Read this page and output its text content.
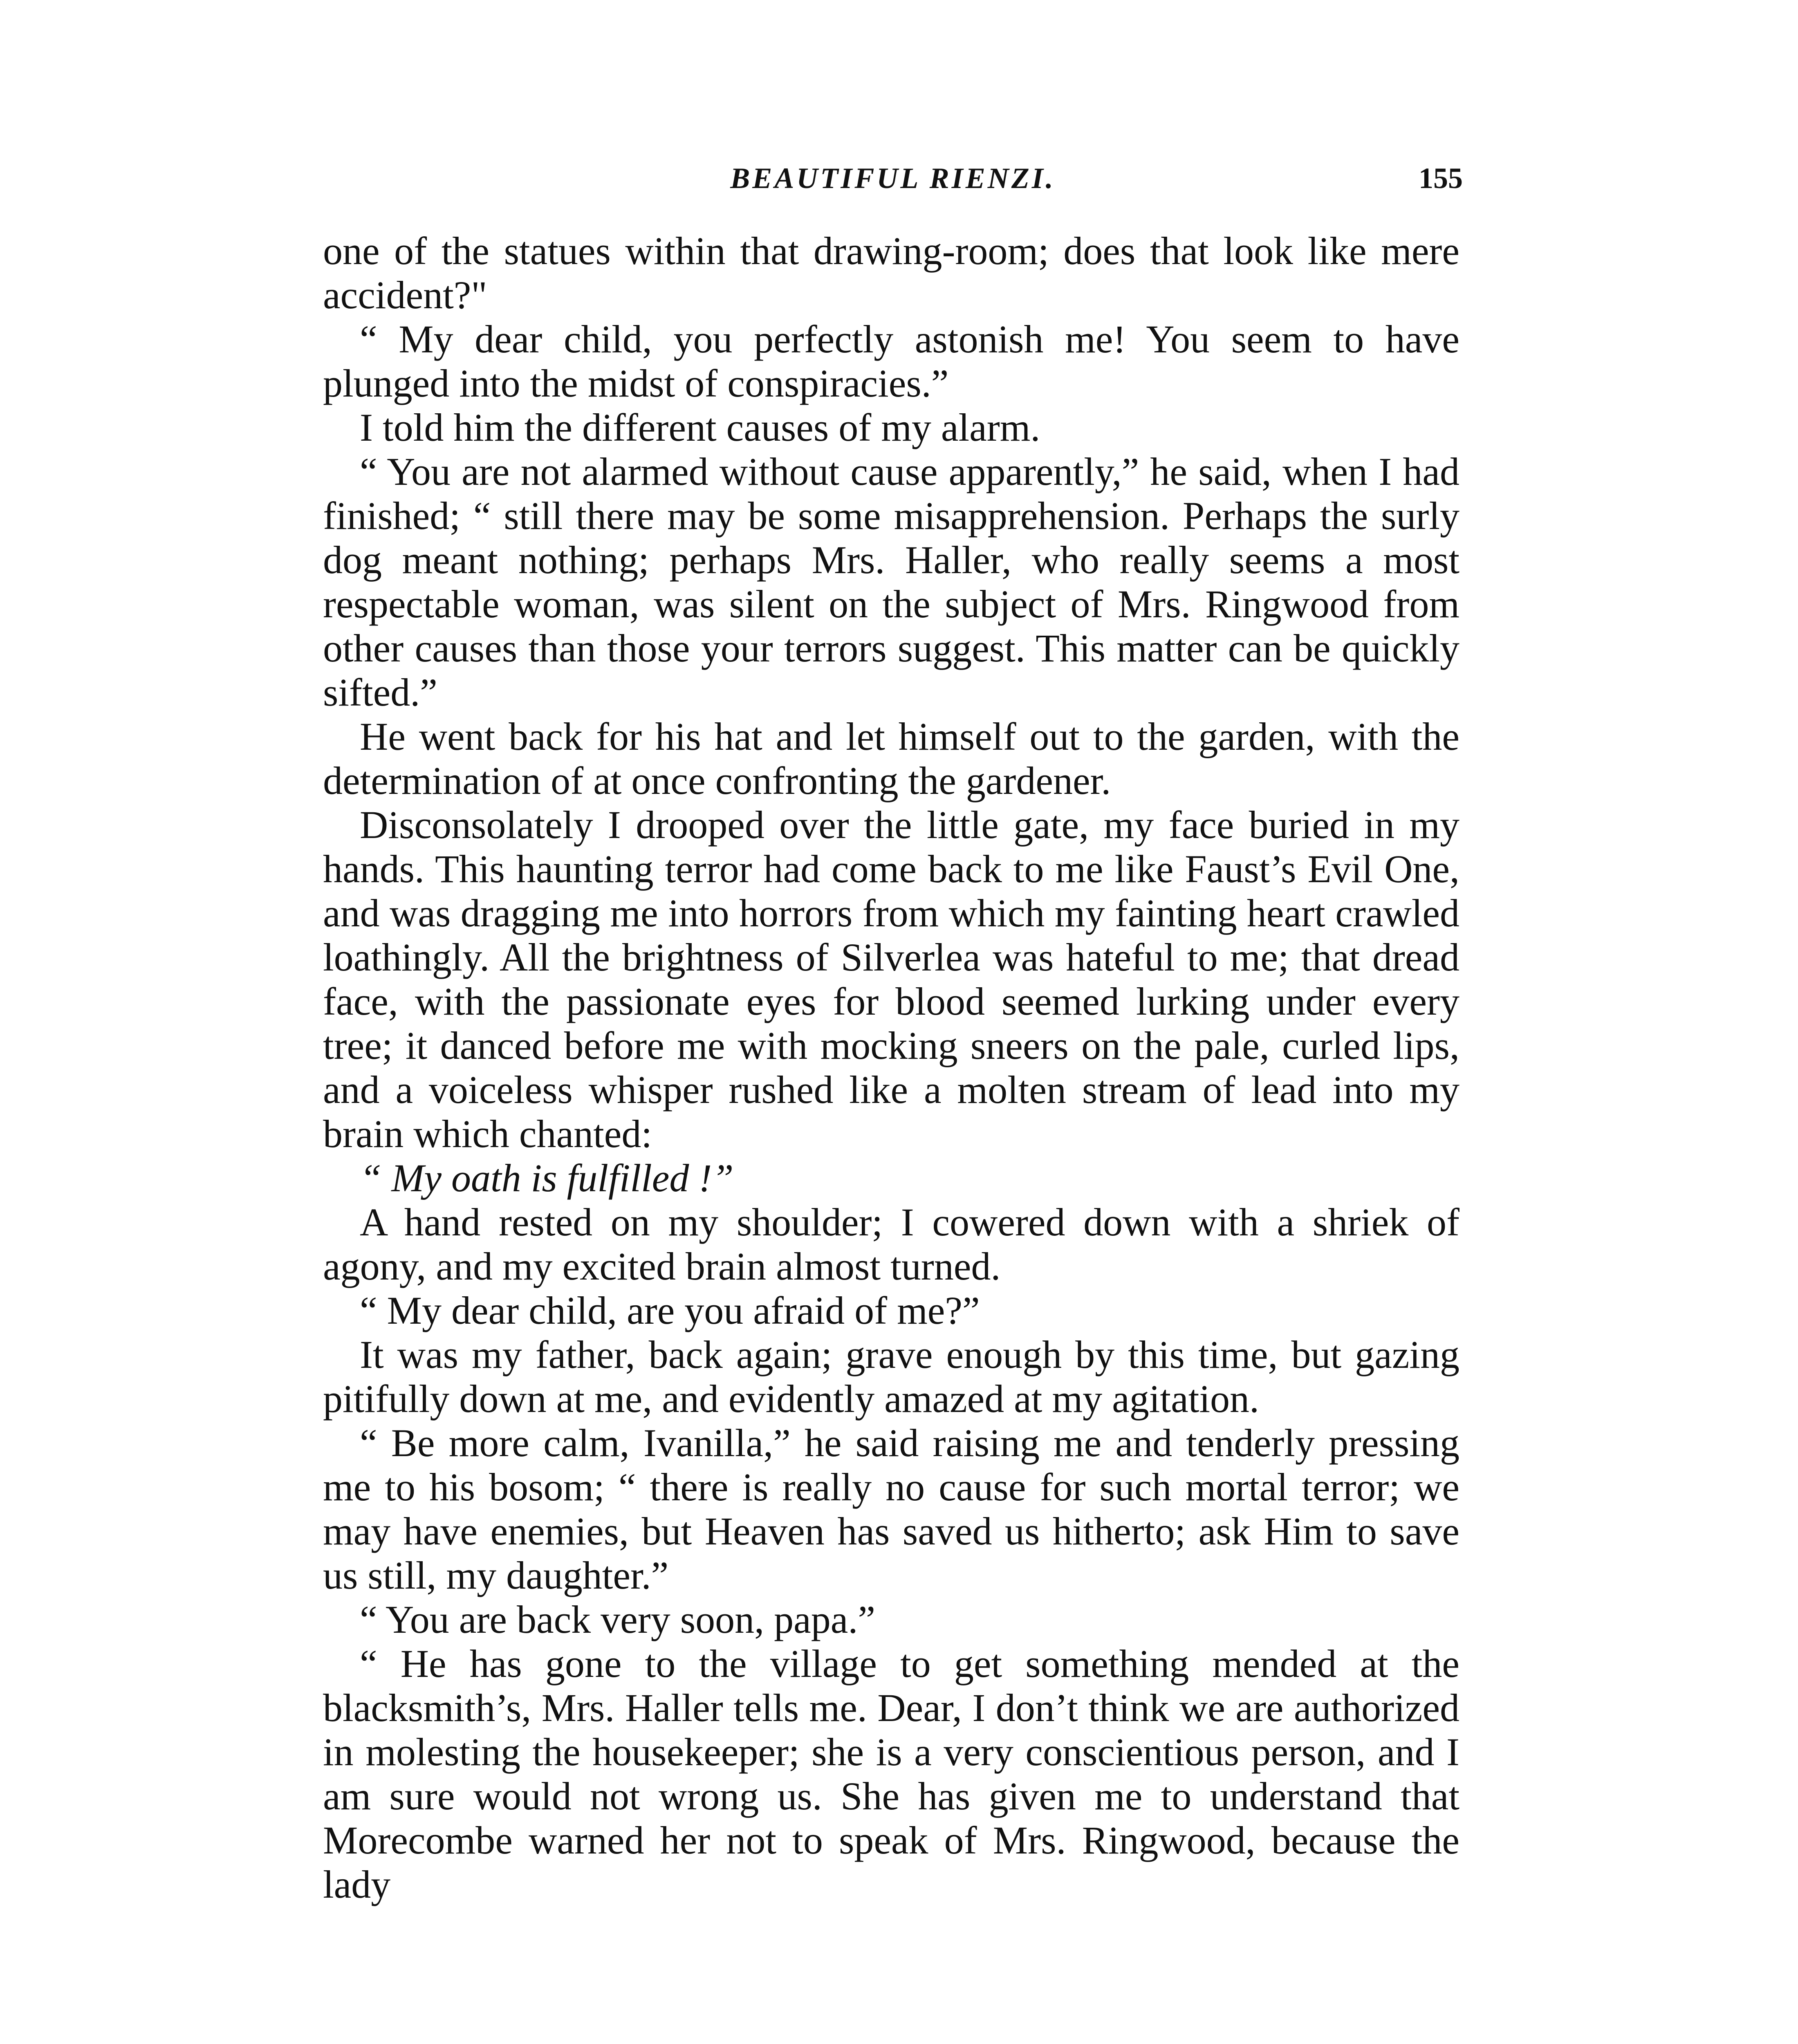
BEAUTIFUL RIENZI.	155

one of the statues within that drawing-room; does that look like mere accident?"

“ My dear child, you perfectly astonish me! You seem to have plunged into the midst of conspiracies.”

I told him the different causes of my alarm.

“ You are not alarmed without cause apparently,” he said, when I had finished; “ still there may be some misapprehension. Perhaps the surly dog meant nothing; perhaps Mrs. Haller, who really seems a most respectable woman, was silent on the subject of Mrs. Ringwood from other causes than those your terrors suggest. This matter can be quickly sifted.”

He went back for his hat and let himself out to the garden, with the determination of at once confronting the gardener.

Disconsolately I drooped over the little gate, my face buried in my hands. This haunting terror had come back to me like Faust’s Evil One, and was dragging me into horrors from which my fainting heart crawled loathingly. All the brightness of Silverlea was hateful to me; that dread face, with the passionate eyes for blood seemed lurking under every tree; it danced before me with mocking sneers on the pale, curled lips, and a voiceless whisper rushed like a molten stream of lead into my brain which chanted:

“ My oath is fulfilled !”

A hand rested on my shoulder; I cowered down with a shriek of agony, and my excited brain almost turned.

“ My dear child, are you afraid of me?”

It was my father, back again; grave enough by this time, but gazing pitifully down at me, and evidently amazed at my agitation.

“ Be more calm, Ivanilla,” he said raising me and tenderly pressing me to his bosom; “ there is really no cause for such mortal terror; we may have enemies, but Heaven has saved us hitherto; ask Him to save us still, my daughter.”

“ You are back very soon, papa.”

“ He has gone to the village to get something mended at the blacksmith’s, Mrs. Haller tells me. Dear, I don’t think we are authorized in molesting the housekeeper; she is a very conscientious person, and I am sure would not wrong us. She has given me to understand that Morecombe warned her not to speak of Mrs. Ringwood, because the lady
